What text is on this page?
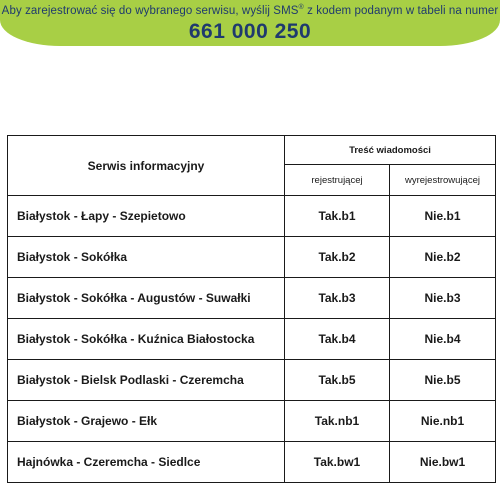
Aby zarejestrować się do wybranego serwisu, wyślij SMS® z kodem podanym w tabeli na numer
661 000 250
Serwis informacyjny	Treść wiadomości	
	rejestrującej	wyrejestrowującej
Białystok - Łapy - Szepietowo	Tak.b1	Nie.b1
Białystok - Sokółka	Tak.b2	Nie.b2
Białystok - Sokółka - Augustów - Suwałki	Tak.b3	Nie.b3
Białystok - Sokółka - Kuźnica Białostocka	Tak.b4	Nie.b4
Białystok - Bielsk Podlaski - Czeremcha	Tak.b5	Nie.b5
Białystok - Grajewo - Ełk	Tak.nb1	Nie.nb1
Hajnówka - Czeremcha - Siedlce	Tak.bw1	Nie.bw1
